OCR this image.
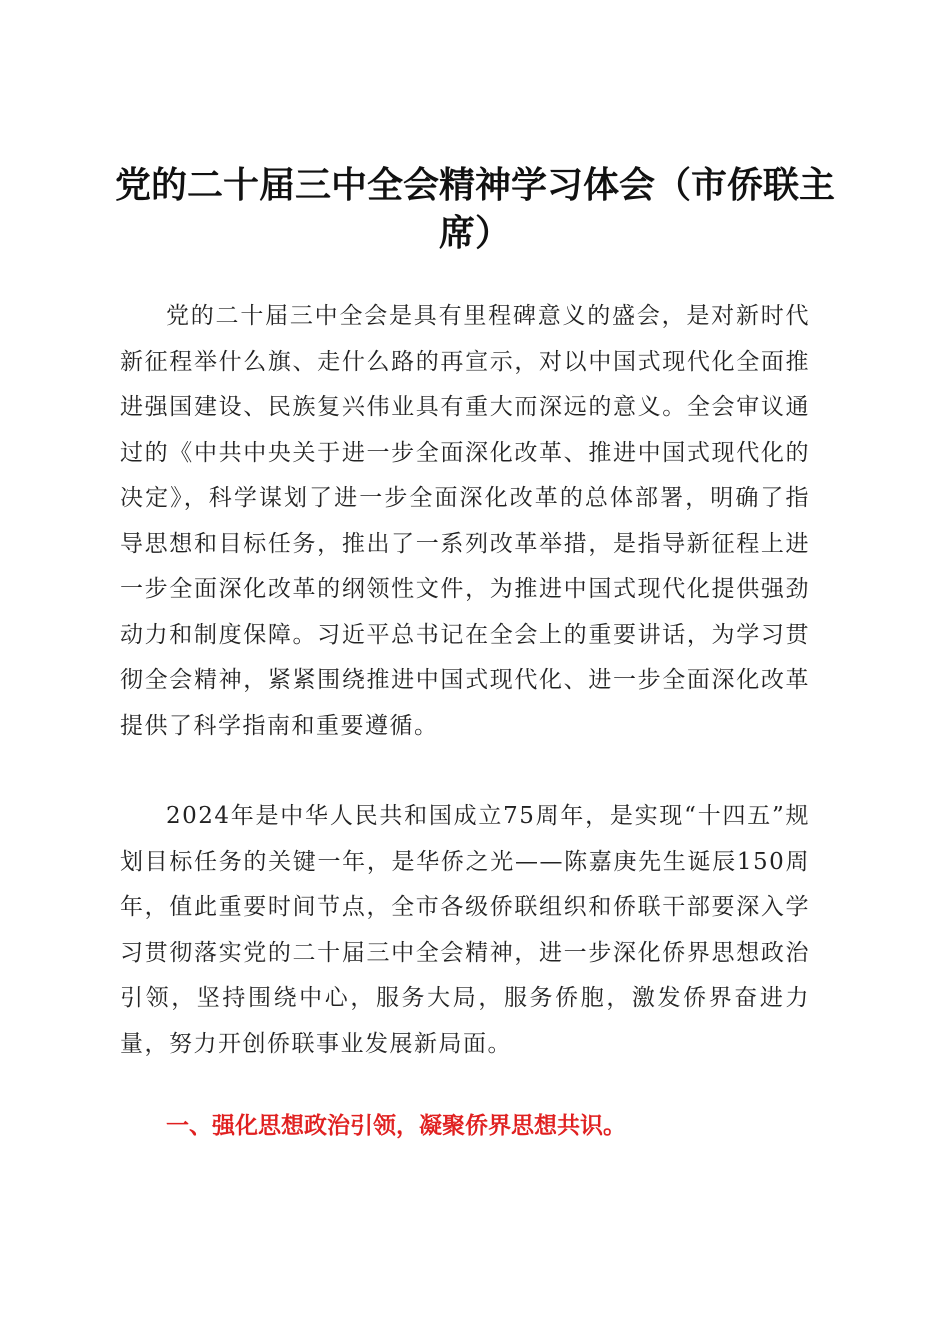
党的二十届三中全会精神学习体会（市侨联主席）

党的二十届三中全会是具有里程碑意义的盛会，是对新时代新征程举什么旗、走什么路的再宣示，对以中国式现代化全面推进强国建设、民族复兴伟业具有重大而深远的意义。全会审议通过的《中共中央关于进一步全面深化改革、推进中国式现代化的决定》，科学谋划了进一步全面深化改革的总体部署，明确了指导思想和目标任务，推出了一系列改革举措，是指导新征程上进一步全面深化改革的纲领性文件，为推进中国式现代化提供强劲动力和制度保障。习近平总书记在全会上的重要讲话，为学习贯彻全会精神，紧紧围绕推进中国式现代化、进一步全面深化改革提供了科学指南和重要遵循。

2024年是中华人民共和国成立75周年，是实现“十四五”规划目标任务的关键一年，是华侨之光——陈嘉庚先生诞辰150周年，值此重要时间节点，全市各级侨联组织和侨联干部要深入学习贯彻落实党的二十届三中全会精神，进一步深化侨界思想政治引领，坚持围绕中心，服务大局，服务侨胞，激发侨界奋进力量，努力开创侨联事业发展新局面。

一、强化思想政治引领，凝聚侨界思想共识。
